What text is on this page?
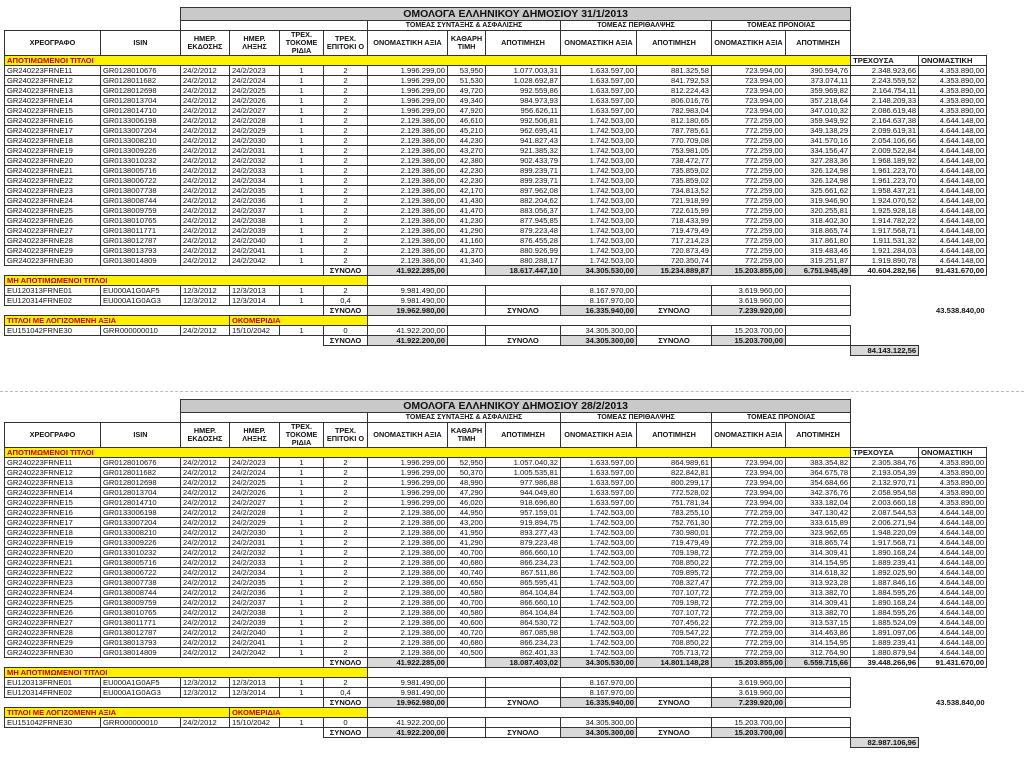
		ΟΜΟΛΟΓΑ ΕΛΛΗΝΙΚΟΥ ΔΗΜΟΣΙΟΥ 31/1/2013												
						ΤΟΜΕΑΣ ΣΥΝΤΑΞΗΣ & ΑΣΦΑΛΙΣΗΣ			ΤΟΜΕΑΣ ΠΕΡΙΘΑΛΨΗΣ		ΤΟΜΕΑΣ ΠΡΟΝΟΙΑΣ			
ΧΡΕΟΓΡΑΦΟ	ISIN	ΗΜΕΡ. ΕΚΔΟΣΗΣ	ΗΜΕΡ. ΛΗΞΗΣ	ΤΡΕΧ. ΤΟΚΟΜΕ ΡΙΔΙΑ	ΤΡΕΧ. ΕΠΙΤΟΚΙ Ο	ΟΝΟΜΑΣΤΙΚΗ ΑΞΙΑ	ΚΑΘΑΡΗ ΤΙΜΗ	ΑΠΟΤΙΜΗΣΗ	ΟΝΟΜΑΣΤΙΚΗ ΑΞΙΑ	ΑΠΟΤΙΜΗΣΗ	ΟΝΟΜΑΣΤΙΚΗ ΑΞΙΑ	ΑΠΟΤΙΜΗΣΗ		
ΑΠΟΤΙΜΩΜΕΝΟΙ ΤΙΤΛΟΙ													ΤΡΕΧΟΥΣΑ	ΟΝΟΜΑΣΤΙΚΗ
GR240223FRNE11	GR0128010676	24/2/2012	24/2/2023	1	2	1.996.299,00	53,950	1.077.003,31	1.633.597,00	881.325,58	723.994,00	390.594,76	2.348.923,66	4.353.890,00
GR240223FRNE12	GR0128011682	24/2/2012	24/2/2024	1	2	1.996.299,00	51,530	1.028.692,87	1.633.597,00	841.792,53	723.994,00	373.074,11	2.243.559,52	4.353.890,00
GR240223FRNE13	GR0128012698	24/2/2012	24/2/2025	1	2	1.996.299,00	49,720	992.559,86	1.633.597,00	812.224,43	723.994,00	359.969,82	2.164.754,11	4.353.890,00
GR240223FRNE14	GR0128013704	24/2/2012	24/2/2026	1	2	1.996.299,00	49,340	984.973,93	1.633.597,00	806.016,76	723.994,00	357.218,64	2.148.209,33	4.353.890,00
GR240223FRNE15	GR0128014710	24/2/2012	24/2/2027	1	2	1.996.299,00	47,920	956.626,11	1.633.597,00	782.983,04	723.994,00	347.010,32	2.086.619,48	4.353.890,00
GR240223FRNE16	GR0133006198	24/2/2012	24/2/2028	1	2	2.129.386,00	46,610	992.506,81	1.742.503,00	812.180,65	772.259,00	359.949,92	2.164.637,38	4.644.148,00
GR240223FRNE17	GR0133007204	24/2/2012	24/2/2029	1	2	2.129.386,00	45,210	962.695,41	1.742.503,00	787.785,61	772.259,00	349.138,29	2.099.619,31	4.644.148,00
GR240223FRNE18	GR0133008210	24/2/2012	24/2/2030	1	2	2.129.386,00	44,230	941.827,43	1.742.503,00	770.709,08	772.259,00	341.570,16	2.054.106,66	4.644.148,00
GR240223FRNE19	GR0133009226	24/2/2012	24/2/2031	1	2	2.129.386,00	43,270	921.385,32	1.742.503,00	753.981,05	772.259,00	334.156,47	2.009.522,84	4.644.148,00
GR240223FRNE20	GR0133010232	24/2/2012	24/2/2032	1	2	2.129.386,00	42,380	902.433,79	1.742.503,00	738.472,77	772.259,00	327.283,36	1.968.189,92	4.644.148,00
GR240223FRNE21	GR0138005716	24/2/2012	24/2/2033	1	2	2.129.386,00	42,230	899.239,71	1.742.503,00	735.859,02	772.259,00	326.124,98	1.961.223,70	4.644.148,00
GR240223FRNE22	GR0138006722	24/2/2012	24/2/2034	1	2	2.129.386,00	42,230	899.239,71	1.742.503,00	735.859,02	772.259,00	326.124,98	1.961.223,70	4.644.148,00
GR240223FRNE23	GR0138007738	24/2/2012	24/2/2035	1	2	2.129.386,00	42,170	897.962,08	1.742.503,00	734.813,52	772.259,00	325.661,62	1.958.437,21	4.644.148,00
GR240223FRNE24	GR0138008744	24/2/2012	24/2/2036	1	2	2.129.386,00	41,430	882.204,62	1.742.503,00	721.918,99	772.259,00	319.946,90	1.924.070,52	4.644.148,00
GR240223FRNE25	GR0138009759	24/2/2012	24/2/2037	1	2	2.129.386,00	41,470	883.056,37	1.742.503,00	722.615,99	772.259,00	320.255,81	1.925.928,18	4.644.148,00
GR240223FRNE26	GR0138010765	24/2/2012	24/2/2038	1	2	2.129.386,00	41,230	877.945,85	1.742.503,00	718.433,99	772.259,00	318.402,30	1.914.782,22	4.644.148,00
GR240223FRNE27	GR0138011771	24/2/2012	24/2/2039	1	2	2.129.386,00	41,290	879.223,48	1.742.503,00	719.479,49	772.259,00	318.865,74	1.917.568,71	4.644.148,00
GR240223FRNE28	GR0138012787	24/2/2012	24/2/2040	1	2	2.129.386,00	41,160	876.455,28	1.742.503,00	717.214,23	772.259,00	317.861,80	1.911.531,32	4.644.148,00
GR240223FRNE29	GR0138013793	24/2/2012	24/2/2041	1	2	2.129.386,00	41,370	880.926,99	1.742.503,00	720.873,49	772.259,00	319.483,46	1.921.284,03	4.644.148,00
GR240223FRNE30	GR0138014809	24/2/2012	24/2/2042	1	2	2.129.386,00	41,340	880.288,17	1.742.503,00	720.350,74	772.259,00	319.251,87	1.919.890,78	4.644.148,00
					ΣΥΝΟΛΟ	41.922.285,00		18.617.447,10	34.305.530,00	15.234.889,87	15.203.855,00	6.751.945,49	40.604.282,56	91.431.670,00
ΜΗ ΑΠΟΤΙΜΩΜΕΝΟΙ ΤΙΤΛΟΙ														
EU120313FRNE01	EU000A1G0AF5	12/3/2012	12/3/2013	1	2	9.981.490,00			8.167.970,00		3.619.960,00			
EU120314FRNE02	EU000A1G0AG3	12/3/2012	12/3/2014	1	0,4	9.981.490,00			8.167.970,00		3.619.960,00			
					ΣΥΝΟΛΟ	19.962.980,00		ΣΥΝΟΛΟ	16.335.940,00	ΣΥΝΟΛΟ	7.239.920,00		43.538.840,00	
ΤΙΤΛΟΙ ΜΕ ΛΟΓΙΖΟΜΕΝΗ ΑΞΙΑ			ΟΚΟΜΕΡΙΔΙΑ											
EU151042FRNE30	GRR000000010	24/2/2012	15/10/2042	1	0	41.922.200,00			34.305.300,00		15.203.700,00			
					ΣΥΝΟΛΟ	41.922.200,00		ΣΥΝΟΛΟ	34.305.300,00	ΣΥΝΟΛΟ	15.203.700,00			
													84.143.122,56	
		ΟΜΟΛΟΓΑ ΕΛΛΗΝΙΚΟΥ ΔΗΜΟΣΙΟΥ 28/2/2013												
						ΤΟΜΕΑΣ ΣΥΝΤΑΞΗΣ & ΑΣΦΑΛΙΣΗΣ			ΤΟΜΕΑΣ ΠΕΡΙΘΑΛΨΗΣ		ΤΟΜΕΑΣ ΠΡΟΝΟΙΑΣ			
ΧΡΕΟΓΡΑΦΟ	ISIN	ΗΜΕΡ. ΕΚΔΟΣΗΣ	ΗΜΕΡ. ΛΗΞΗΣ	ΤΡΕΧ. ΤΟΚΟΜΕ ΡΙΔΙΑ	ΤΡΕΧ. ΕΠΙΤΟΚΙ Ο	ΟΝΟΜΑΣΤΙΚΗ ΑΞΙΑ	ΚΑΘΑΡΗ ΤΙΜΗ	ΑΠΟΤΙΜΗΣΗ	ΟΝΟΜΑΣΤΙΚΗ ΑΞΙΑ	ΑΠΟΤΙΜΗΣΗ	ΟΝΟΜΑΣΤΙΚΗ ΑΞΙΑ	ΑΠΟΤΙΜΗΣΗ		
ΑΠΟΤΙΜΩΜΕΝΟΙ ΤΙΤΛΟΙ													ΤΡΕΧΟΥΣΑ	ΟΝΟΜΑΣΤΙΚΗ
GR240223FRNE11	GR0128010676	24/2/2012	24/2/2023	1	2	1.996.299,00	52,950	1.057.040,32	1.633.597,00	864.989,61	723.994,00	383.354,82	2.305.384,76	4.353.890,00
GR240223FRNE12	GR0128011682	24/2/2012	24/2/2024	1	2	1.996.299,00	50,370	1.005.535,81	1.633.597,00	822.842,81	723.994,00	364.675,78	2.193.054,39	4.353.890,00
GR240223FRNE13	GR0128012698	24/2/2012	24/2/2025	1	2	1.996.299,00	48,990	977.986,88	1.633.597,00	800.299,17	723.994,00	354.684,66	2.132.970,71	4.353.890,00
GR240223FRNE14	GR0128013704	24/2/2012	24/2/2026	1	2	1.996.299,00	47,290	944.049,80	1.633.597,00	772.528,02	723.994,00	342.376,76	2.058.954,58	4.353.890,00
GR240223FRNE15	GR0128014710	24/2/2012	24/2/2027	1	2	1.996.299,00	46,020	918.696,80	1.633.597,00	751.781,34	723.994,00	333.182,04	2.003.660,18	4.353.890,00
GR240223FRNE16	GR0133006198	24/2/2012	24/2/2028	1	2	2.129.386,00	44,950	957.159,01	1.742.503,00	783.255,10	772.259,00	347.130,42	2.087.544,53	4.644.148,00
GR240223FRNE17	GR0133007204	24/2/2012	24/2/2029	1	2	2.129.386,00	43,200	919.894,75	1.742.503,00	752.761,30	772.259,00	333.615,89	2.006.271,94	4.644.148,00
GR240223FRNE18	GR0133008210	24/2/2012	24/2/2030	1	2	2.129.386,00	41,950	893.277,43	1.742.503,00	730.980,01	772.259,00	323.962,65	1.948.220,09	4.644.148,00
GR240223FRNE19	GR0133009226	24/2/2012	24/2/2031	1	2	2.129.386,00	41,290	879.223,48	1.742.503,00	719.479,49	772.259,00	318.865,74	1.917.568,71	4.644.148,00
GR240223FRNE20	GR0133010232	24/2/2012	24/2/2032	1	2	2.129.386,00	40,700	866.660,10	1.742.503,00	709.198,72	772.259,00	314.309,41	1.890.168,24	4.644.148,00
GR240223FRNE21	GR0138005716	24/2/2012	24/2/2033	1	2	2.129.386,00	40,680	866.234,23	1.742.503,00	708.850,22	772.259,00	314.154,95	1.889.239,41	4.644.148,00
GR240223FRNE22	GR0138006722	24/2/2012	24/2/2034	1	2	2.129.386,00	40,740	867.511,86	1.742.503,00	709.895,72	772.259,00	314.618,32	1.892.025,90	4.644.148,00
GR240223FRNE23	GR0138007738	24/2/2012	24/2/2035	1	2	2.129.386,00	40,650	865.595,41	1.742.503,00	708.327,47	772.259,00	313.923,28	1.887.846,16	4.644.148,00
GR240223FRNE24	GR0138008744	24/2/2012	24/2/2036	1	2	2.129.386,00	40,580	864.104,84	1.742.503,00	707.107,72	772.259,00	313.382,70	1.884.595,26	4.644.148,00
GR240223FRNE25	GR0138009759	24/2/2012	24/2/2037	1	2	2.129.386,00	40,700	866.660,10	1.742.503,00	709.198,72	772.259,00	314.309,41	1.890.168,24	4.644.148,00
GR240223FRNE26	GR0138010765	24/2/2012	24/2/2038	1	2	2.129.386,00	40,580	864.104,84	1.742.503,00	707.107,72	772.259,00	313.382,70	1.884.595,26	4.644.148,00
GR240223FRNE27	GR0138011771	24/2/2012	24/2/2039	1	2	2.129.386,00	40,600	864.530,72	1.742.503,00	707.456,22	772.259,00	313.537,15	1.885.524,09	4.644.148,00
GR240223FRNE28	GR0138012787	24/2/2012	24/2/2040	1	2	2.129.386,00	40,720	867.085,98	1.742.503,00	709.547,22	772.259,00	314.463,86	1.891.097,06	4.644.148,00
GR240223FRNE29	GR0138013793	24/2/2012	24/2/2041	1	2	2.129.386,00	40,680	866.234,23	1.742.503,00	708.850,22	772.259,00	314.154,95	1.889.239,41	4.644.148,00
GR240223FRNE30	GR0138014809	24/2/2012	24/2/2042	1	2	2.129.386,00	40,500	862.401,33	1.742.503,00	705.713,72	772.259,00	312.764,90	1.880.879,94	4.644.148,00
					ΣΥΝΟΛΟ	41.922.285,00		18.087.403,02	34.305.530,00	14.801.148,28	15.203.855,00	6.559.715,66	39.448.266,96	91.431.670,00
ΜΗ ΑΠΟΤΙΜΩΜΕΝΟΙ ΤΙΤΛΟΙ														
EU120313FRNE01	EU000A1G0AF5	12/3/2012	12/3/2013	1	2	9.981.490,00			8.167.970,00		3.619.960,00			
EU120314FRNE02	EU000A1G0AG3	12/3/2012	12/3/2014	1	0,4	9.981.490,00			8.167.970,00		3.619.960,00			
					ΣΥΝΟΛΟ	19.962.980,00		ΣΥΝΟΛΟ	16.335.940,00	ΣΥΝΟΛΟ	7.239.920,00		43.538.840,00	
ΤΙΤΛΟΙ ΜΕ ΛΟΓΙΖΟΜΕΝΗ ΑΞΙΑ			ΟΚΟΜΕΡΙΔΙΑ											
EU151042FRNE30	GRR000000010	24/2/2012	15/10/2042	1	0	41.922.200,00			34.305.300,00		15.203.700,00			
					ΣΥΝΟΛΟ	41.922.200,00		ΣΥΝΟΛΟ	34.305.300,00	ΣΥΝΟΛΟ	15.203.700,00			
													82.987.106,96	
